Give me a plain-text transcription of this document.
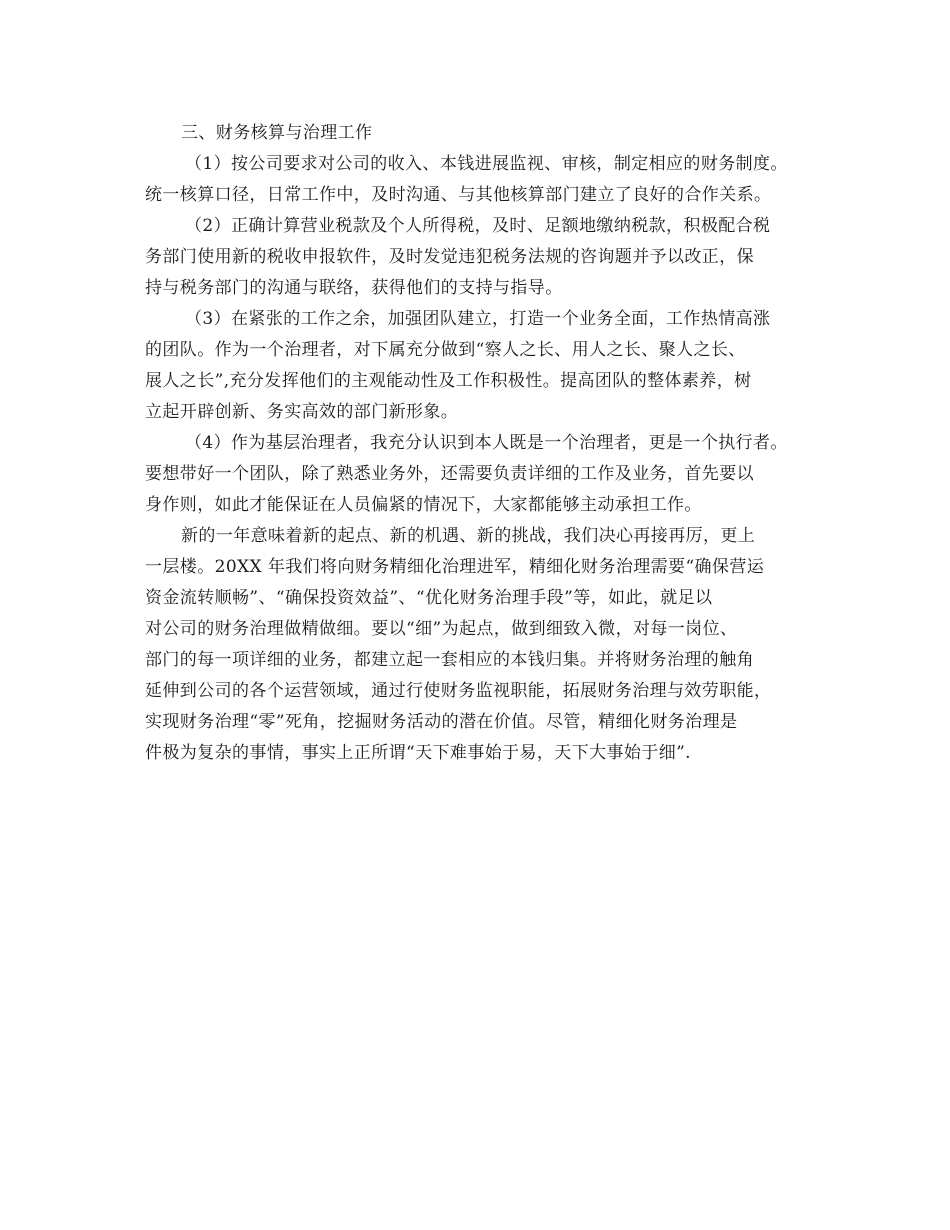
三、财务核算与治理工作
（1）按公司要求对公司的收入、本钱进展监视、审核，制定相应的财务制度。
统一核算口径，日常工作中，及时沟通、与其他核算部门建立了良好的合作关系。
（2）正确计算营业税款及个人所得税，及时、足额地缴纳税款，积极配合税
务部门使用新的税收申报软件，及时发觉违犯税务法规的咨询题并予以改正，保
持与税务部门的沟通与联络，获得他们的支持与指导。
（3）在紧张的工作之余，加强团队建立，打造一个业务全面，工作热情高涨
的团队。作为一个治理者，对下属充分做到“察人之长、用人之长、聚人之长、
展人之长”,充分发挥他们的主观能动性及工作积极性。提高团队的整体素养，树
立起开辟创新、务实高效的部门新形象。
（4）作为基层治理者，我充分认识到本人既是一个治理者，更是一个执行者。
要想带好一个团队，除了熟悉业务外，还需要负责详细的工作及业务，首先要以
身作则，如此才能保证在人员偏紧的情况下，大家都能够主动承担工作。
新的一年意味着新的起点、新的机遇、新的挑战，我们决心再接再厉，更上
一层楼。20XX 年我们将向财务精细化治理进军，精细化财务治理需要“确保营运
资金流转顺畅”、“确保投资效益”、“优化财务治理手段”等，如此，就足以
对公司的财务治理做精做细。要以“细”为起点，做到细致入微，对每一岗位、
部门的每一项详细的业务，都建立起一套相应的本钱归集。并将财务治理的触角
延伸到公司的各个运营领域，通过行使财务监视职能，拓展财务治理与效劳职能，
实现财务治理“零”死角，挖掘财务活动的潜在价值。尽管，精细化财务治理是
件极为复杂的事情，事实上正所谓“天下难事始于易，天下大事始于细”.
